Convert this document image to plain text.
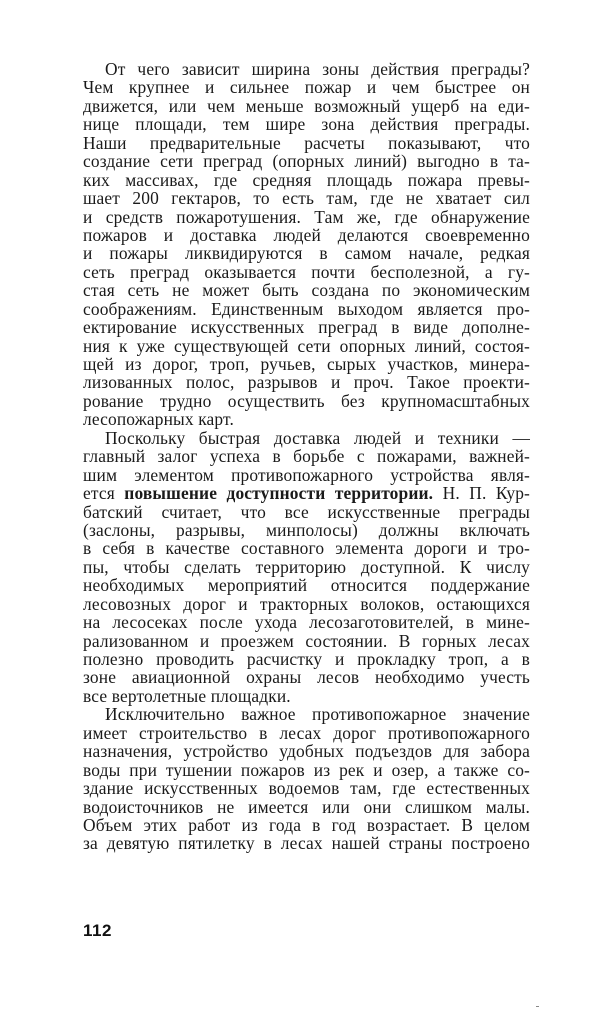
От чего зависит ширина зоны действия преграды?
Чем крупнее и сильнее пожар и чем быстрее он
движется, или чем меньше возможный ущерб на еди-
нице площади, тем шире зона действия преграды.
Наши предварительные расчеты показывают, что
создание сети преград (опорных линий) выгодно в та-
ких массивах, где средняя площадь пожара превы-
шает 200 гектаров, то есть там, где не хватает сил
и средств пожаротушения. Там же, где обнаружение
пожаров и доставка людей делаются своевременно
и пожары ликвидируются в самом начале, редкая
сеть преград оказывается почти бесполезной, а гу-
стая сеть не может быть создана по экономическим
соображениям. Единственным выходом является про-
ектирование искусственных преград в виде дополне-
ния к уже существующей сети опорных линий, состоя-
щей из дорог, троп, ручьев, сырых участков, минера-
лизованных полос, разрывов и проч. Такое проекти-
рование трудно осуществить без крупномасштабных
лесопожарных карт.
Поскольку быстрая доставка людей и техники —
главный залог успеха в борьбе с пожарами, важней-
шим элементом противопожарного устройства явля-
ется повышение доступности территории. Н. П. Кур-
батский считает, что все искусственные преграды
(заслоны, разрывы, минполосы) должны включать
в себя в качестве составного элемента дороги и тро-
пы, чтобы сделать территорию доступной. К числу
необходимых мероприятий относится поддержание
лесовозных дорог и тракторных волоков, остающихся
на лесосеках после ухода лесозаготовителей, в мине-
рализованном и проезжем состоянии. В горных лесах
полезно проводить расчистку и прокладку троп, а в
зоне авиационной охраны лесов необходимо учесть
все вертолетные площадки.
Исключительно важное противопожарное значение
имеет строительство в лесах дорог противопожарного
назначения, устройство удобных подъездов для забора
воды при тушении пожаров из рек и озер, а также со-
здание искусственных водоемов там, где естественных
водоисточников не имеется или они слишком малы.
Объем этих работ из года в год возрастает. В целом
за девятую пятилетку в лесах нашей страны построено
112
